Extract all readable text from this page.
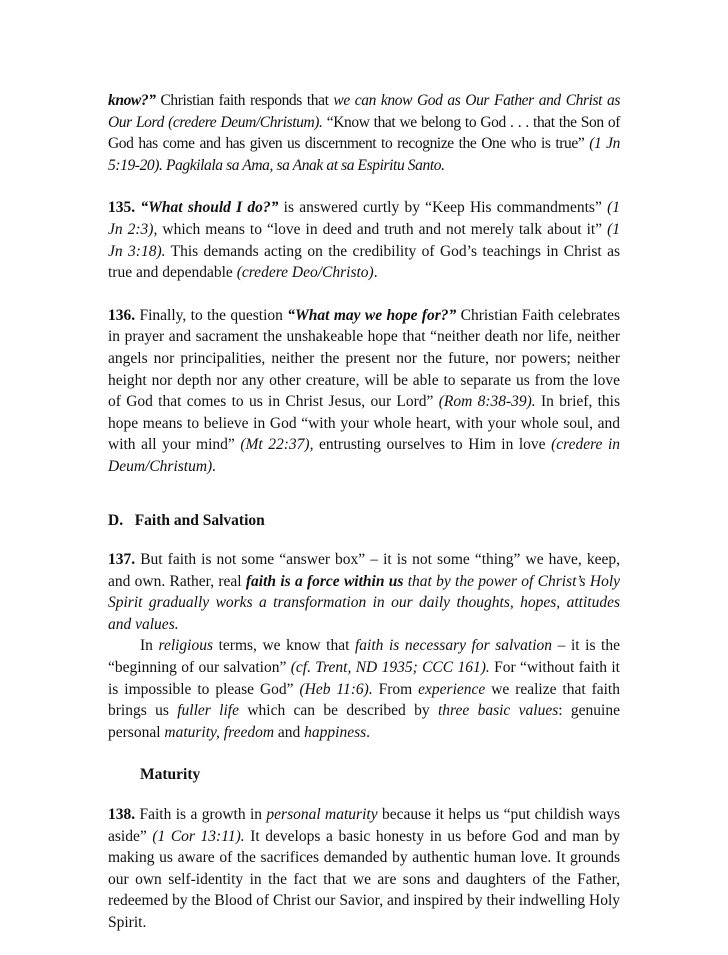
know?” Christian faith responds that we can know God as Our Father and Christ as Our Lord (credere Deum/Christum). “Know that we belong to God . . . that the Son of God has come and has given us discernment to recognize the One who is true” (1 Jn 5:19-20). Pagkilala sa Ama, sa Anak at sa Espiritu Santo.

135. “What should I do?” is answered curtly by “Keep His commandments” (1 Jn 2:3), which means to “love in deed and truth and not merely talk about it” (1 Jn 3:18). This demands acting on the credibility of God’s teachings in Christ as true and dependable (credere Deo/Christo).

136. Finally, to the question “What may we hope for?” Christian Faith celebrates in prayer and sacrament the unshakeable hope that “neither death nor life, neither angels nor principalities, neither the present nor the future, nor powers; neither height nor depth nor any other creature, will be able to separate us from the love of God that comes to us in Christ Jesus, our Lord” (Rom 8:38-39). In brief, this hope means to believe in God “with your whole heart, with your whole soul, and with all your mind” (Mt 22:37), entrusting ourselves to Him in love (credere in Deum/Christum).

D.   Faith and Salvation

137. But faith is not some “answer box” – it is not some “thing” we have, keep, and own. Rather, real faith is a force within us that by the power of Christ’s Holy Spirit gradually works a transformation in our daily thoughts, hopes, attitudes and values.

In religious terms, we know that faith is necessary for salvation – it is the “beginning of our salvation” (cf. Trent, ND 1935; CCC 161). For “without faith it is impossible to please God” (Heb 11:6). From experience we realize that faith brings us fuller life which can be described by three basic values: genuine personal maturity, freedom and happiness.

Maturity

138. Faith is a growth in personal maturity because it helps us “put childish ways aside” (1 Cor 13:11). It develops a basic honesty in us before God and man by making us aware of the sacrifices demanded by authentic human love. It grounds our own self-identity in the fact that we are sons and daughters of the Father, redeemed by the Blood of Christ our Savior, and inspired by their indwelling Holy Spirit.
